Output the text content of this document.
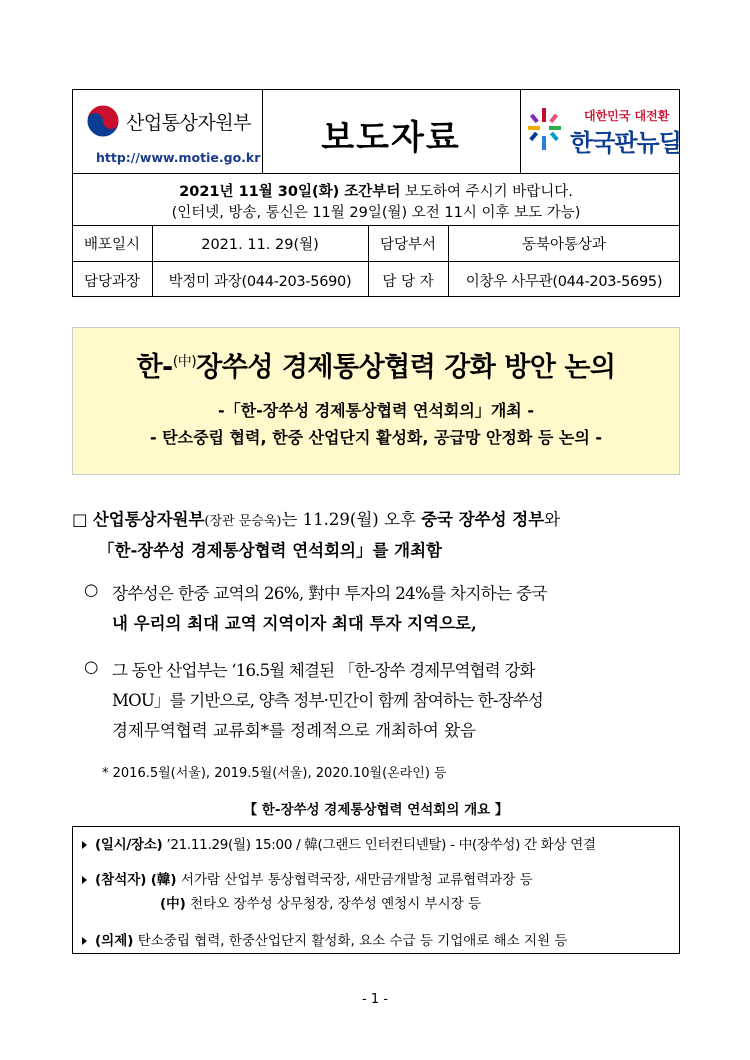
산업통상자원부
http://www.motie.go.kr	보도자료
대한민국 대전환
한국판뉴딜
2021년 11월 30일(화) 조간부터 보도하여 주시기 바랍니다.
(인터넷, 방송, 통신은 11월 29일(월) 오전 11시 이후 보도 가능)
배포일시	2021. 11. 29(월)	담당부서	동북아통상과
담당과장	박정미 과장(044-203-5690)	담 당 자	이창우 사무관(044-203-5695)
한-$^{(中)}$장쑤성 경제통상협력 강화 방안 논의
-「한-장쑤성 경제통상협력 연석회의」개최 -
- 탄소중립 협력, 한중 산업단지 활성화, 공급망 안정화 등 논의 -
□ 산업통상자원부(장관 문승욱)는 11.29(월) 오후 중국 장쑤성 정부와
「한-장쑤성 경제통상협력 연석회의」를 개최함
○ 장쑤성은 한중 교역의 26%, 對中 투자의 24%를 차지하는 중국
내 우리의 최대 교역 지역이자 최대 투자 지역으로,
○ 그 동안 산업부는 ‘16.5월 체결된 「한-장쑤 경제무역협력 강화
MOU」를 기반으로, 양측 정부·민간이 함께 참여하는 한-장쑤성
경제무역협력 교류회*를 정례적으로 개최하여 왔음
* 2016.5월(서울), 2019.5월(서울), 2020.10월(온라인) 등
【 한-장쑤성 경제통상협력 연석회의 개요 】
(일시/장소) ’21.11.29(월) 15:00 / 韓(그랜드 인터컨티넨탈) - 中(장쑤성) 간 화상 연결
(참석자) (韓) 서가람 산업부 통상협력국장, 새만금개발청 교류협력과장 등
(中) 천타오 장쑤성 상무청장, 장쑤성 옌청시 부시장 등
(의제) 탄소중립 협력, 한중산업단지 활성화, 요소 수급 등 기업애로 해소 지원 등
- 1 -
